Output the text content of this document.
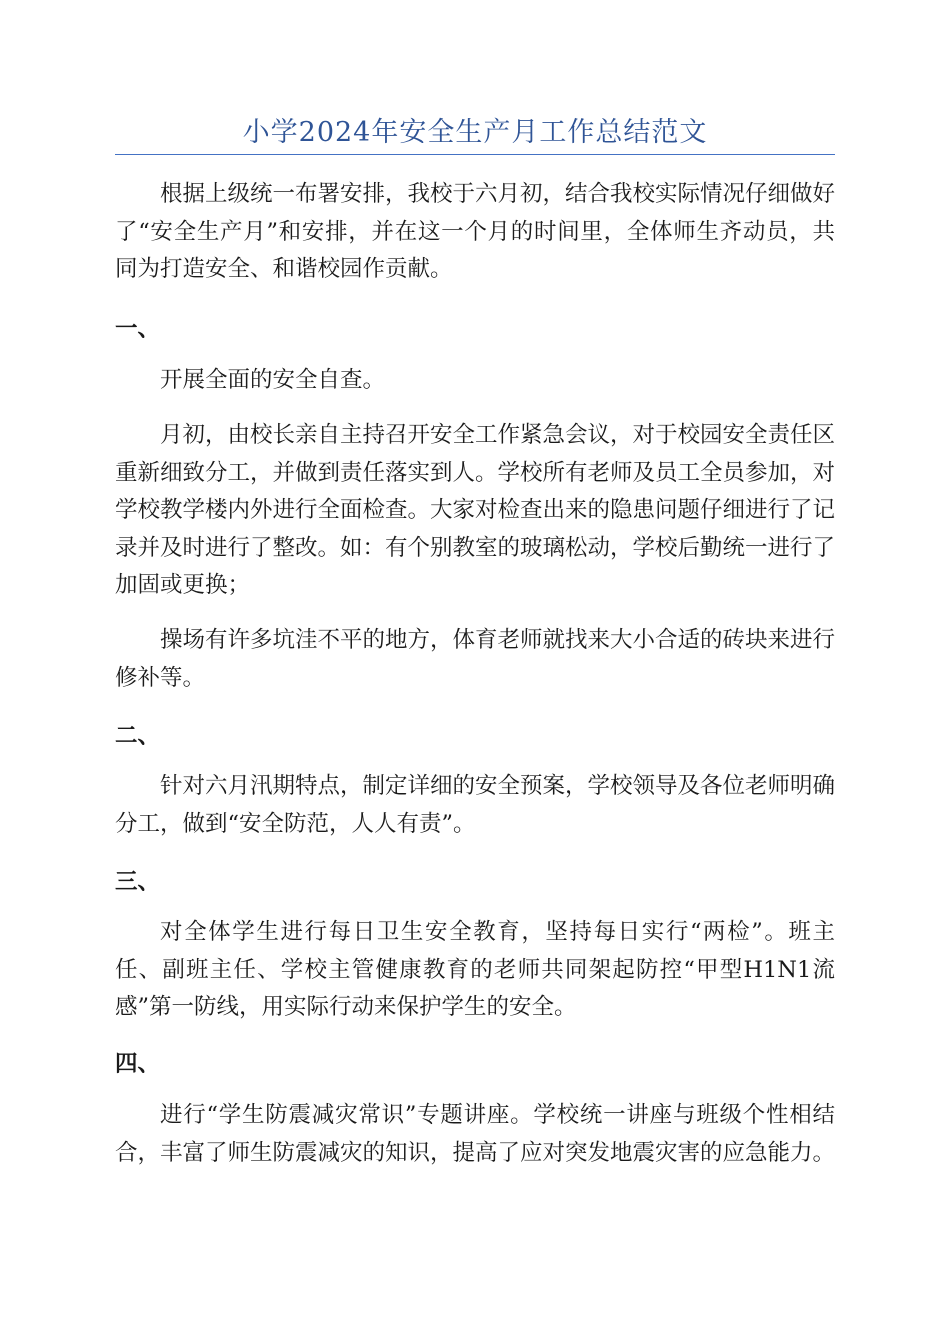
小学2024年安全生产月工作总结范文

根据上级统一布署安排，我校于六月初，结合我校实际情况仔细做好了“安全生产月”和安排，并在这一个月的时间里，全体师生齐动员，共同为打造安全、和谐校园作贡献。

一、

开展全面的安全自查。

月初，由校长亲自主持召开安全工作紧急会议，对于校园安全责任区重新细致分工，并做到责任落实到人。学校所有老师及员工全员参加，对学校教学楼内外进行全面检查。大家对检查出来的隐患问题仔细进行了记录并及时进行了整改。如：有个别教室的玻璃松动，学校后勤统一进行了加固或更换；

操场有许多坑洼不平的地方，体育老师就找来大小合适的砖块来进行修补等。

二、

针对六月汛期特点，制定详细的安全预案，学校领导及各位老师明确分工，做到“安全防范，人人有责”。

三、

对全体学生进行每日卫生安全教育，坚持每日实行“两检”。班主任、副班主任、学校主管健康教育的老师共同架起防控“甲型H1N1流感”第一防线，用实际行动来保护学生的安全。

四、

进行“学生防震减灾常识”专题讲座。学校统一讲座与班级个性相结合，丰富了师生防震减灾的知识，提高了应对突发地震灾害的应急能力。
